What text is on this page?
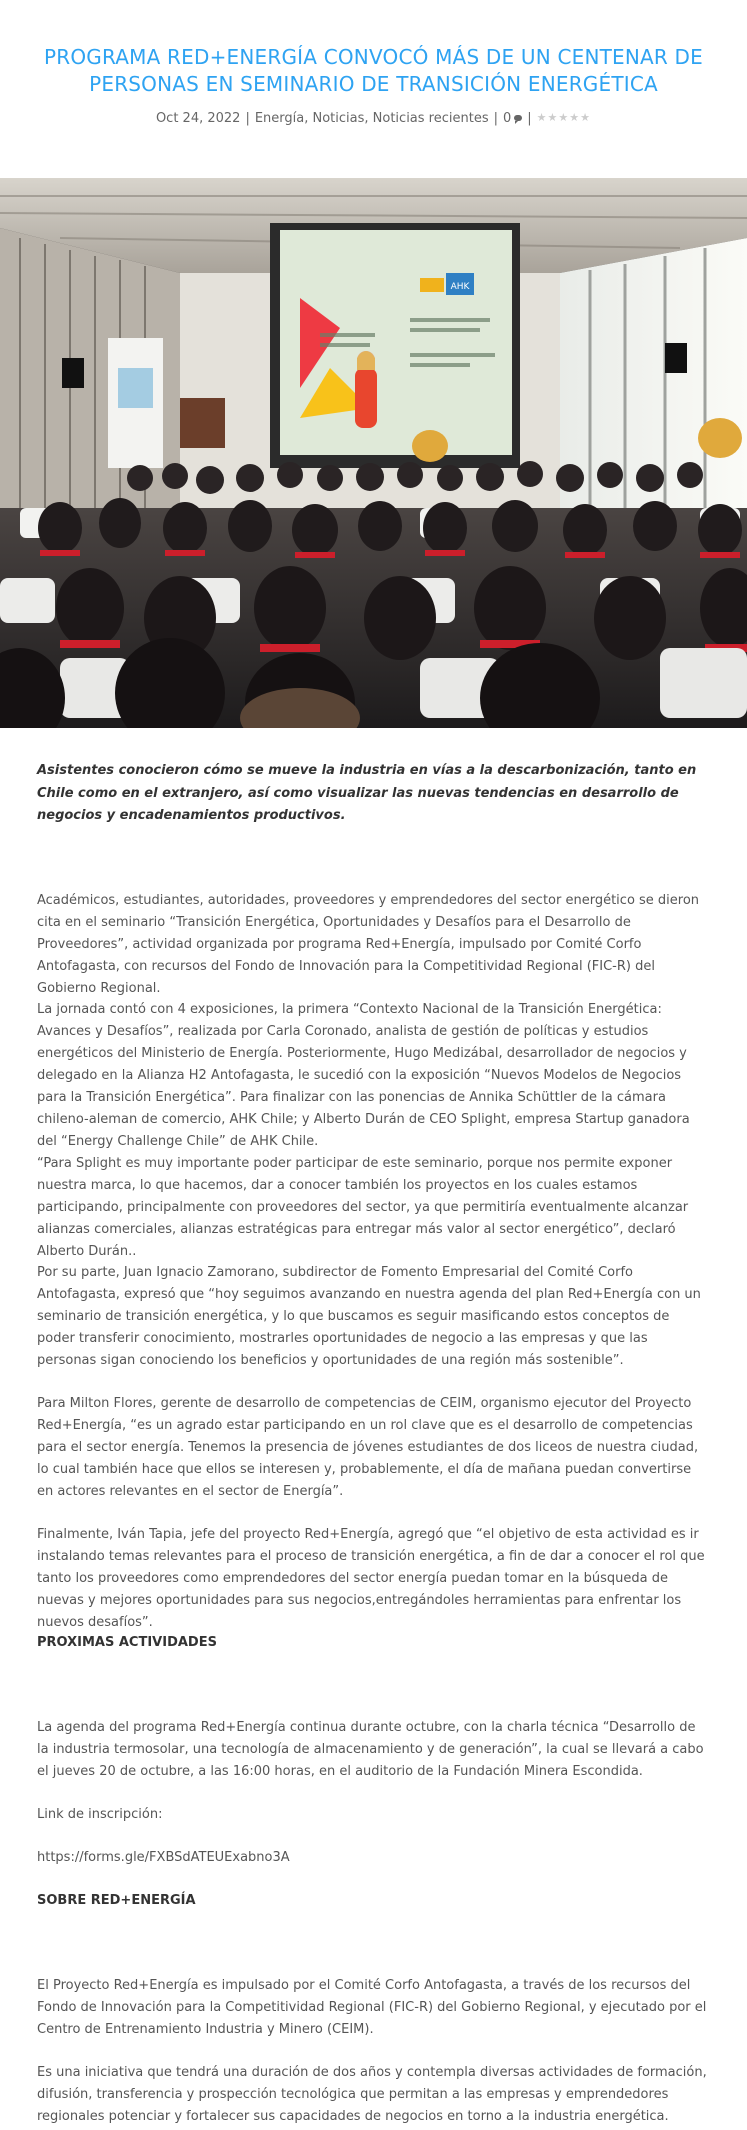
PROGRAMA RED+ENERGÍA CONVOCÓ MÁS DE UN CENTENAR DE PERSONAS EN SEMINARIO DE TRANSICIÓN ENERGÉTICA
Oct 24, 2022 | Energía, Noticias, Noticias recientes | 0 | ★★★★★
AHK

Asistentes conocieron cómo se mueve la industria en vías a la descarbonización, tanto en Chile como en el extranjero, así como visualizar las nuevas tendencias en desarrollo de negocios y encadenamientos productivos.

Académicos, estudiantes, autoridades, proveedores y emprendedores del sector energético se dieron cita en el seminario “Transición Energética, Oportunidades y Desafíos para el Desarrollo de Proveedores”, actividad organizada por programa Red+Energía, impulsado por Comité Corfo Antofagasta, con recursos del Fondo de Innovación para la Competitividad Regional (FIC-R) del Gobierno Regional.

La jornada contó con 4 exposiciones, la primera “Contexto Nacional de la Transición Energética: Avances y Desafíos”, realizada por Carla Coronado, analista de gestión de políticas y estudios energéticos del Ministerio de Energía. Posteriormente, Hugo Medizábal, desarrollador de negocios y delegado en la Alianza H2 Antofagasta, le sucedió con la exposición “Nuevos Modelos de Negocios para la Transición Energética”. Para finalizar con las ponencias de Annika Schüttler de la cámara chileno-aleman de comercio, AHK Chile; y Alberto Durán de CEO Splight, empresa Startup ganadora del “Energy Challenge Chile” de AHK Chile.

“Para Splight es muy importante poder participar de este seminario, porque nos permite exponer nuestra marca, lo que hacemos, dar a conocer también los proyectos en los cuales estamos participando, principalmente con proveedores del sector, ya que permitiría eventualmente alcanzar alianzas comerciales, alianzas estratégicas para entregar más valor al sector energético”, declaró Alberto Durán..

Por su parte, Juan Ignacio Zamorano, subdirector de Fomento Empresarial del Comité Corfo Antofagasta, expresó que “hoy seguimos avanzando en nuestra agenda del plan Red+Energía con un seminario de transición energética, y lo que buscamos es seguir masificando estos conceptos de poder transferir conocimiento, mostrarles oportunidades de negocio a las empresas y que las personas sigan conociendo los beneficios y oportunidades de una región más sostenible”.

Para Milton Flores, gerente de desarrollo de competencias de CEIM, organismo ejecutor del Proyecto Red+Energía, “es un agrado estar participando en un rol clave que es el desarrollo de competencias para el sector energía. Tenemos la presencia de jóvenes estudiantes de dos liceos de nuestra ciudad, lo cual también hace que ellos se interesen y, probablemente, el día de mañana puedan convertirse en actores relevantes en el sector de Energía”.

Finalmente, Iván Tapia, jefe del proyecto Red+Energía, agregó que “el objetivo de esta actividad es ir instalando temas relevantes para el proceso de transición energética, a fin de dar a conocer el rol que tanto los proveedores como emprendedores del sector energía puedan tomar en la búsqueda de nuevas y mejores oportunidades para sus negocios,entregándoles herramientas para enfrentar los nuevos desafíos”.

PROXIMAS ACTIVIDADES

La agenda del programa Red+Energía continua durante octubre, con la charla técnica “Desarrollo de la industria termosolar, una tecnología de almacenamiento y de generación”, la cual se llevará a cabo el jueves 20 de octubre, a las 16:00 horas, en el auditorio de la Fundación Minera Escondida.

Link de inscripción:

https://forms.gle/FXBSdATEUExabno3A

SOBRE RED+ENERGÍA

El Proyecto Red+Energía es impulsado por el Comité Corfo Antofagasta, a través de los recursos del Fondo de Innovación para la Competitividad Regional (FIC-R) del Gobierno Regional, y ejecutado por el Centro de Entrenamiento Industria y Minero (CEIM).

Es una iniciativa que tendrá una duración de dos años y contempla diversas actividades de formación, difusión, transferencia y prospección tecnológica que permitan a las empresas y emprendedores regionales potenciar y fortalecer sus capacidades de negocios en torno a la industria energética.
